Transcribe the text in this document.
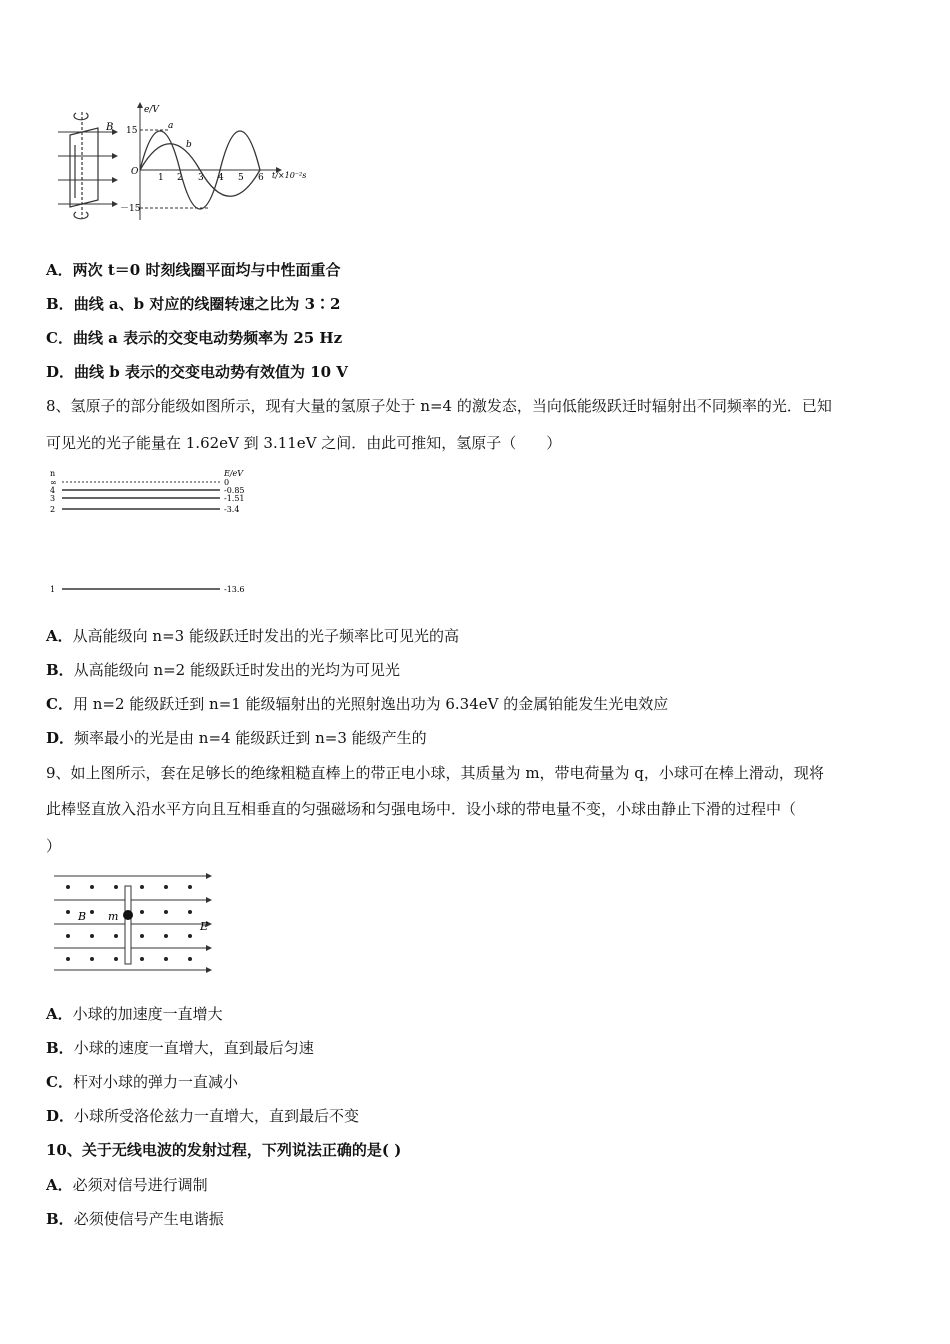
B
e/V
t/×10⁻²s
O
15
－15
1 2 3 4 5 6
a
b
A．两次 t＝0 时刻线圈平面均与中性面重合
B．曲线 a、b 对应的线圈转速之比为 3∶2
C．曲线 a 表示的交变电动势频率为 25 Hz
D．曲线 b 表示的交变电动势有效值为 10 V
8、氢原子的部分能级如图所示，现有大量的氢原子处于 n=4 的激发态，当向低能级跃迁时辐射出不同频率的光．已知
可见光的光子能量在 1.62eV 到 3.11eV 之间．由此可推知，氢原子（　　）
n	E/eV
∞	0
4	-0.85
3	-1.51
2	-3.4
1	-13.6
A．从高能级向 n=3 能级跃迁时发出的光子频率比可见光的高
B．从高能级向 n=2 能级跃迁时发出的光均为可见光
C．用 n=2 能级跃迁到 n=1 能级辐射出的光照射逸出功为 6.34eV 的金属铂能发生光电效应
D．频率最小的光是由 n=4 能级跃迁到 n=3 能级产生的
9、如上图所示，套在足够长的绝缘粗糙直棒上的带正电小球，其质量为 m，带电荷量为 q，小球可在棒上滑动，现将
此棒竖直放入沿水平方向且互相垂直的匀强磁场和匀强电场中．设小球的带电量不变，小球由静止下滑的过程中（
）
B m
E
A．小球的加速度一直增大
B．小球的速度一直增大，直到最后匀速
C．杆对小球的弹力一直减小
D．小球所受洛伦兹力一直增大，直到最后不变
10、关于无线电波的发射过程，下列说法正确的是( )
A．必须对信号进行调制
B．必须使信号产生电谐振
